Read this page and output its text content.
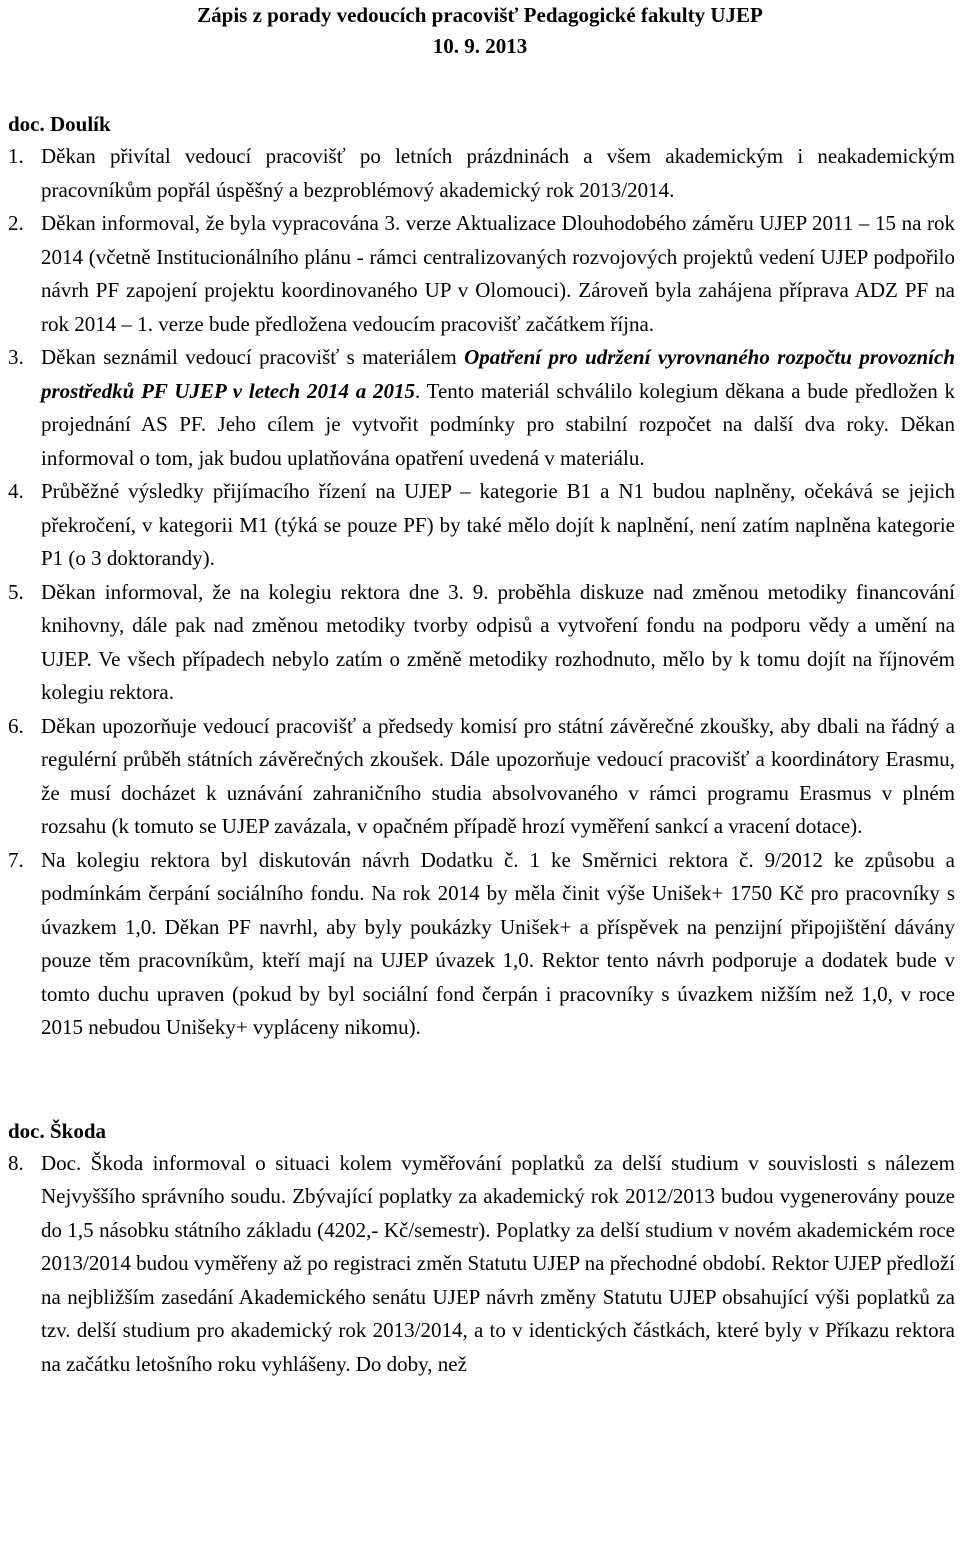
Zápis z porady vedoucích pracovišť Pedagogické fakulty UJEP
10. 9. 2013
doc. Doulík
1. Děkan přivítal vedoucí pracovišť po letních prázdninách a všem akademickým i neakademickým pracovníkům popřál úspěšný a bezproblémový akademický rok 2013/2014.
2. Děkan informoval, že byla vypracována 3. verze Aktualizace Dlouhodobého záměru UJEP 2011 – 15 na rok 2014 (včetně Institucionálního plánu - rámci centralizovaných rozvojových projektů vedení UJEP podpořilo návrh PF zapojení projektu koordinovaného UP v Olomouci). Zároveň byla zahájena příprava ADZ PF na rok 2014 – 1. verze bude předložena vedoucím pracovišť začátkem října.
3. Děkan seznámil vedoucí pracovišť s materiálem Opatření pro udržení vyrovnaného rozpočtu provozních prostředků PF UJEP v letech 2014 a 2015. Tento materiál schválilo kolegium děkana a bude předložen k projednání AS PF. Jeho cílem je vytvořit podmínky pro stabilní rozpočet na další dva roky. Děkan informoval o tom, jak budou uplatňována opatření uvedená v materiálu.
4. Průběžné výsledky přijímacího řízení na UJEP – kategorie B1 a N1 budou naplněny, očekává se jejich překročení, v kategorii M1 (týká se pouze PF) by také mělo dojít k naplnění, není zatím naplněna kategorie P1 (o 3 doktorandy).
5. Děkan informoval, že na kolegiu rektora dne 3. 9. proběhla diskuze nad změnou metodiky financování knihovny, dále pak nad změnou metodiky tvorby odpisů a vytvoření fondu na podporu vědy a umění na UJEP. Ve všech případech nebylo zatím o změně metodiky rozhodnuto, mělo by k tomu dojít na říjnovém kolegiu rektora.
6. Děkan upozorňuje vedoucí pracovišť a předsedy komisí pro státní závěrečné zkoušky, aby dbali na řádný a regulérní průběh státních závěrečných zkoušek. Dále upozorňuje vedoucí pracovišť a koordinátory Erasmu, že musí docházet k uznávání zahraničního studia absolvovaného v rámci programu Erasmus v plném rozsahu (k tomuto se UJEP zavázala, v opačném případě hrozí vyměření sankcí a vracení dotace).
7. Na kolegiu rektora byl diskutován návrh Dodatku č. 1 ke Směrnici rektora č. 9/2012 ke způsobu a podmínkám čerpání sociálního fondu. Na rok 2014 by měla činit výše Unišek+ 1750 Kč pro pracovníky s úvazkem 1,0. Děkan PF navrhl, aby byly poukázky Unišek+ a příspěvek na penzijní připojištění dávány pouze těm pracovníkům, kteří mají na UJEP úvazek 1,0. Rektor tento návrh podporuje a dodatek bude v tomto duchu upraven (pokud by byl sociální fond čerpán i pracovníky s úvazkem nižším než 1,0, v roce 2015 nebudou Unišeky+ vypláceny nikomu).
doc. Škoda
8. Doc. Škoda informoval o situaci kolem vyměřování poplatků za delší studium v souvislosti s nálezem Nejvyššího správního soudu. Zbývající poplatky za akademický rok 2012/2013 budou vygenerovány pouze do 1,5 násobku státního základu (4202,- Kč/semestr). Poplatky za delší studium v novém akademickém roce 2013/2014 budou vyměřeny až po registraci změn Statutu UJEP na přechodné období. Rektor UJEP předloží na nejbližším zasedání Akademického senátu UJEP návrh změny Statutu UJEP obsahující výši poplatků za tzv. delší studium pro akademický rok 2013/2014, a to v identických částkách, které byly v Příkazu rektora na začátku letošního roku vyhlášeny. Do doby, než
